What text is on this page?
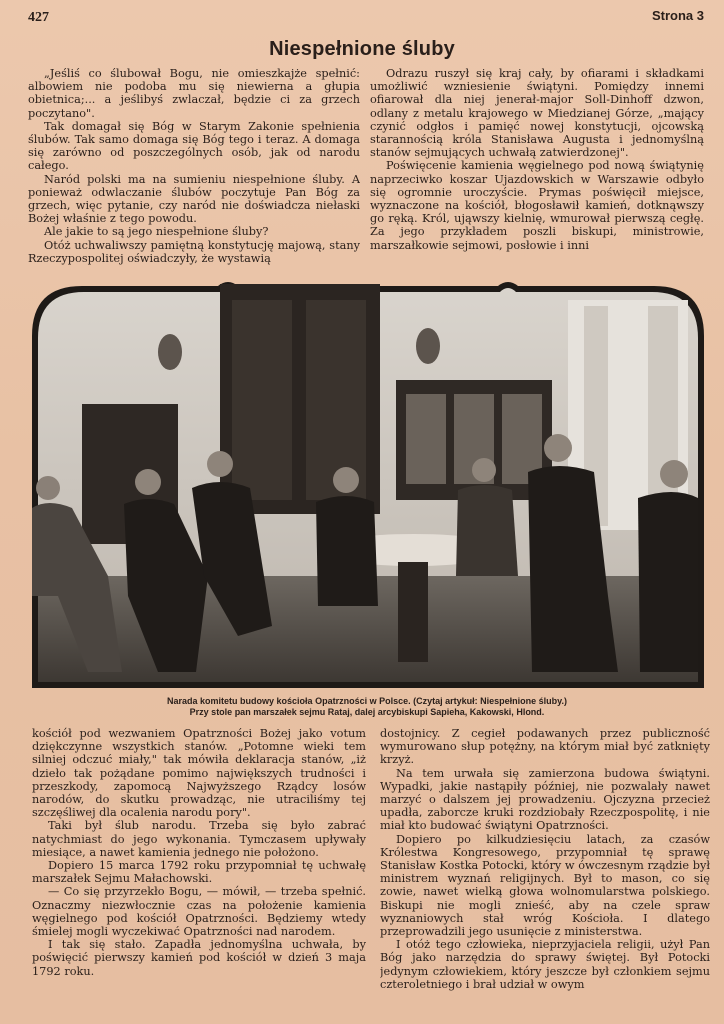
427	Strona 3
Niespełnione śluby

„Jeśliś co ślubował Bogu, nie omieszkajże spełnić: albowiem nie podoba mu się niewierna a głupia obietnica;... a jeślibyś zwlaczał, będzie ci za grzech poczytano".

Tak domagał się Bóg w Starym Zakonie spełnienia ślubów. Tak samo domaga się Bóg tego i teraz. A domaga się zarówno od poszczególnych osób, jak od narodu całego.

Naród polski ma na sumieniu niespełnione śluby. A ponieważ odwlaczanie ślubów poczytuje Pan Bóg za grzech, więc pytanie, czy naród nie doświadcza niełaski Bożej właśnie z tego powodu.

Ale jakie to są jego niespełnione śluby?

Otóż uchwaliwszy pamiętną konstytucję majową, stany Rzeczypospolitej oświadczyły, że wystawią

Odrazu ruszył się kraj cały, by ofiarami i składkami umożliwić wzniesienie świątyni. Pomiędzy innemi ofiarował dla niej jenerał-major Soll-Dinhoff dzwon, odlany z metalu krajowego w Miedzianej Górze, „mający czynić odgłos i pamięć nowej konstytucji, ojcowską starannością króla Stanisława Augusta i jednomyślną stanów sejmujących uchwałą zatwierdzonej".

Poświęcenie kamienia węgielnego pod nową świątynię naprzeciwko koszar Ujazdowskich w Warszawie odbyło się ogromnie uroczyście. Prymas poświęcił miejsce, wyznaczone na kościół, błogosławił kamień, dotknąwszy go ręką. Król, ująwszy kielnię, wmurował pierwszą cegłę. Za jego przykładem poszli biskupi, ministrowie, marszałkowie sejmowi, posłowie i inni

Narada komitetu budowy kościoła Opatrzności w Polsce. (Czytaj artykuł: Niespełnione śluby.)
Przy stole pan marszałek sejmu Rataj, dalej arcybiskupi Sapieha, Kakowski, Hlond.

kościół pod wezwaniem Opatrzności Bożej jako votum dziękczynne wszystkich stanów. „Potomne wieki tem silniej odczuć miały," tak mówiła deklaracja stanów, „iż dzieło tak pożądane pomimo największych trudności i przeszkody, zapomocą Najwyższego Rządcy losów narodów, do skutku prowadząc, nie utraciliśmy tej szczęśliwej dla ocalenia narodu pory".

Taki był ślub narodu. Trzeba się było zabrać natychmiast do jego wykonania. Tymczasem upływały miesiące, a nawet kamienia jednego nie położono.

Dopiero 15 marca 1792 roku przypomniał tę uchwałę marszałek Sejmu Małachowski.

— Co się przyrzekło Bogu, — mówił, — trzeba spełnić. Oznaczmy niezwłocznie czas na położenie kamienia węgielnego pod kościół Opatrzności. Będziemy wtedy śmielej mogli wyczekiwać Opatrzności nad narodem.

I tak się stało. Zapadła jednomyślna uchwała, by poświęcić pierwszy kamień pod kościół w dzień 3 maja 1792 roku.

dostojnicy. Z cegieł podawanych przez publiczność wymurowano słup potężny, na którym miał być zatknięty krzyż.

Na tem urwała się zamierzona budowa świątyni. Wypadki, jakie nastąpiły później, nie pozwalały nawet marzyć o dalszem jej prowadzeniu. Ojczyzna przecież upadła, zaborcze kruki rozdziobały Rzeczpospolitę, i nie miał kto budować świątyni Opatrzności.

Dopiero po kilkudziesięciu latach, za czasów Królestwa Kongresowego, przypomniał tę sprawę Stanisław Kostka Potocki, który w ówczesnym rządzie był ministrem wyznań religijnych. Był to mason, co się zowie, nawet wielką głowa wolnomularstwa polskiego. Biskupi nie mogli znieść, aby na czele spraw wyznaniowych stał wróg Kościoła. I dlatego przeprowadzili jego usunięcie z ministerstwa.

I otóż tego człowieka, nieprzyjaciela religii, użył Pan Bóg jako narzędzia do sprawy świętej. Był Potocki jedynym człowiekiem, który jeszcze był członkiem sejmu czteroletniego i brał udział w owym
